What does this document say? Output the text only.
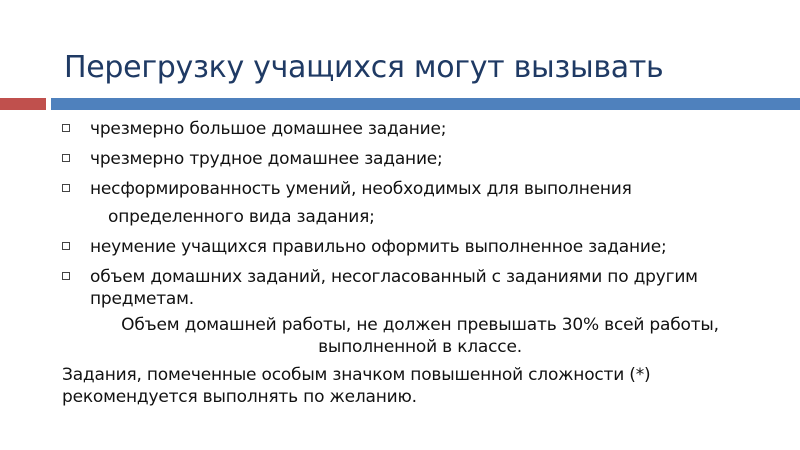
Перегрузку учащихся могут вызывать
чрезмерно большое домашнее задание;
чрезмерно трудное домашнее задание;
несформированность умений, необходимых для выполнения
определенного вида задания;
неумение учащихся правильно оформить выполненное задание;
объем домашних заданий, несогласованный с заданиями по другим предметам.
Объем домашней работы, не должен превышать 30% всей работы,
выполненной в классе.
Задания, помеченные особым значком повышенной сложности (*)
рекомендуется выполнять по желанию.
